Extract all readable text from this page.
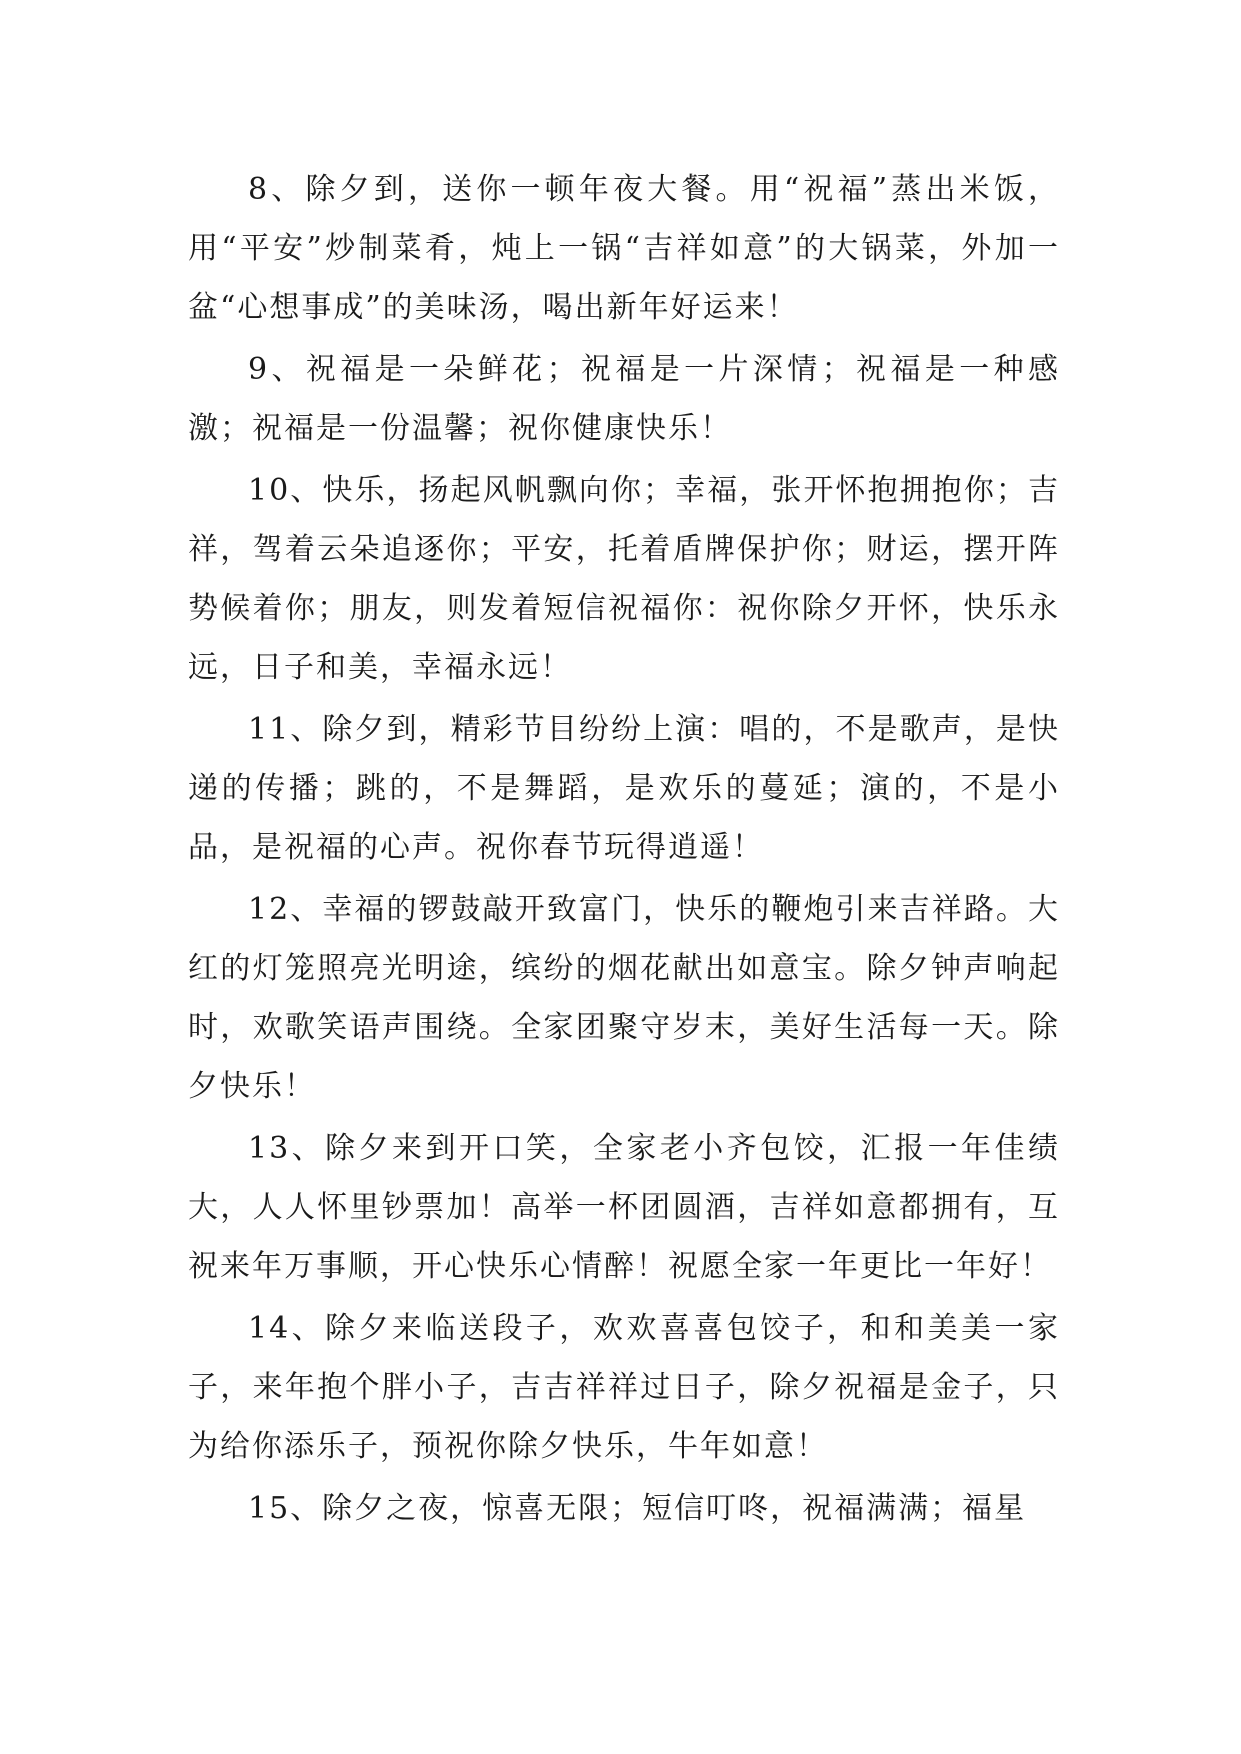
8、除夕到，送你一顿年夜大餐。用“祝福”蒸出米饭，用“平安”炒制菜肴，炖上一锅“吉祥如意”的大锅菜，外加一盆“心想事成”的美味汤，喝出新年好运来！

9、祝福是一朵鲜花；祝福是一片深情；祝福是一种感激；祝福是一份温馨；祝你健康快乐！

10、快乐，扬起风帆飘向你；幸福，张开怀抱拥抱你；吉祥，驾着云朵追逐你；平安，托着盾牌保护你；财运，摆开阵势候着你；朋友，则发着短信祝福你：祝你除夕开怀，快乐永远，日子和美，幸福永远！

11、除夕到，精彩节目纷纷上演：唱的，不是歌声，是快递的传播；跳的，不是舞蹈，是欢乐的蔓延；演的，不是小品，是祝福的心声。祝你春节玩得逍遥！

12、幸福的锣鼓敲开致富门，快乐的鞭炮引来吉祥路。大红的灯笼照亮光明途，缤纷的烟花献出如意宝。除夕钟声响起时，欢歌笑语声围绕。全家团聚守岁末，美好生活每一天。除夕快乐！

13、除夕来到开口笑，全家老小齐包饺，汇报一年佳绩大，人人怀里钞票加！高举一杯团圆酒，吉祥如意都拥有，互祝来年万事顺，开心快乐心情醉！祝愿全家一年更比一年好！

14、除夕来临送段子，欢欢喜喜包饺子，和和美美一家子，来年抱个胖小子，吉吉祥祥过日子，除夕祝福是金子，只为给你添乐子，预祝你除夕快乐，牛年如意！

15、除夕之夜，惊喜无限；短信叮咚，祝福满满；福星
